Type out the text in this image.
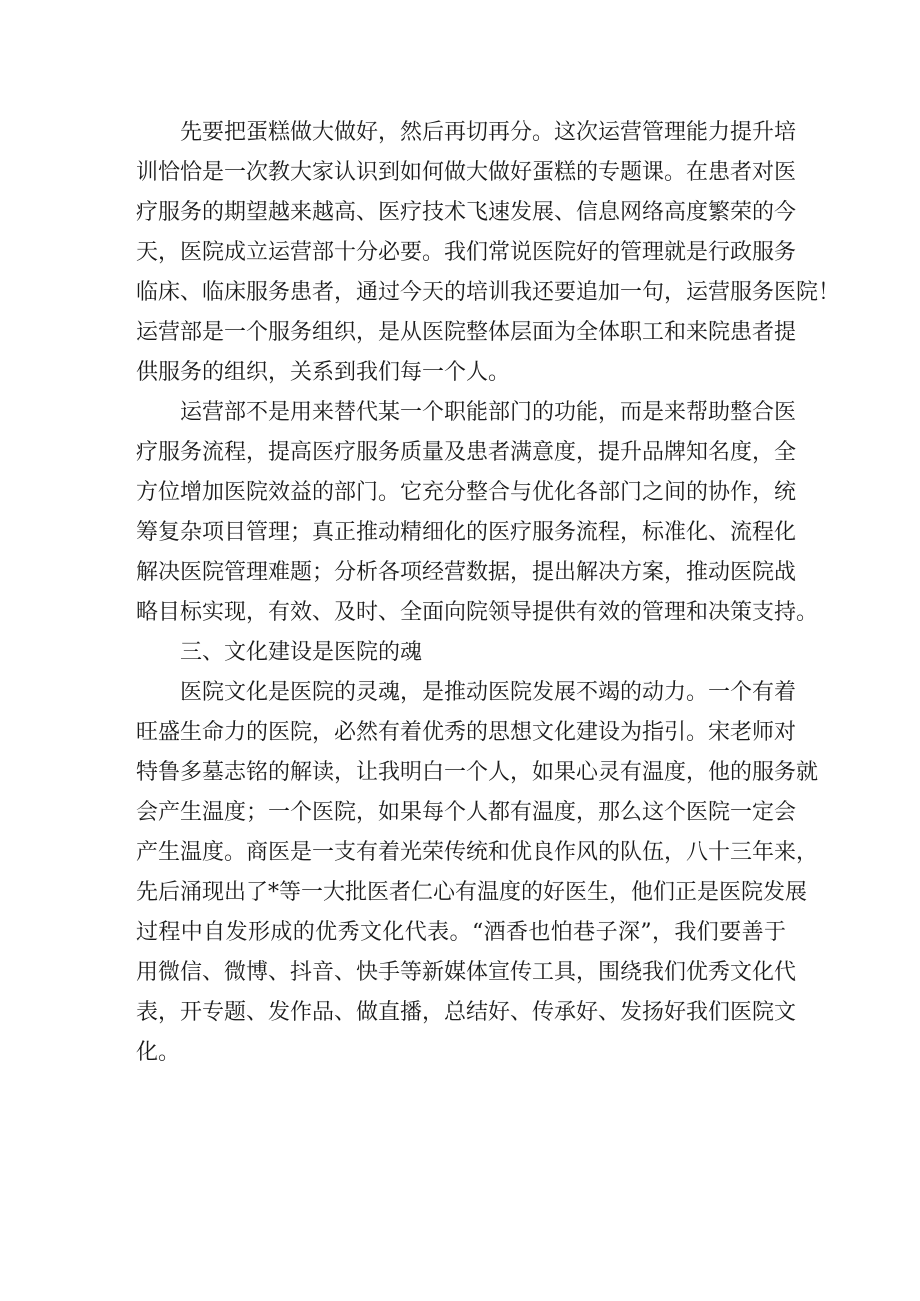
先要把蛋糕做大做好，然后再切再分。这次运营管理能力提升培
训恰恰是一次教大家认识到如何做大做好蛋糕的专题课。在患者对医
疗服务的期望越来越高、医疗技术飞速发展、信息网络高度繁荣的今
天，医院成立运营部十分必要。我们常说医院好的管理就是行政服务
临床、临床服务患者，通过今天的培训我还要追加一句，运营服务医院！
运营部是一个服务组织，是从医院整体层面为全体职工和来院患者提
供服务的组织，关系到我们每一个人。
运营部不是用来替代某一个职能部门的功能，而是来帮助整合医
疗服务流程，提高医疗服务质量及患者满意度，提升品牌知名度，全
方位增加医院效益的部门。它充分整合与优化各部门之间的协作，统
筹复杂项目管理；真正推动精细化的医疗服务流程，标准化、流程化
解决医院管理难题；分析各项经营数据，提出解决方案，推动医院战
略目标实现，有效、及时、全面向院领导提供有效的管理和决策支持。
三、文化建设是医院的魂
医院文化是医院的灵魂，是推动医院发展不竭的动力。一个有着
旺盛生命力的医院，必然有着优秀的思想文化建设为指引。宋老师对
特鲁多墓志铭的解读，让我明白一个人，如果心灵有温度，他的服务就
会产生温度；一个医院，如果每个人都有温度，那么这个医院一定会
产生温度。商医是一支有着光荣传统和优良作风的队伍，八十三年来，
先后涌现出了*等一大批医者仁心有温度的好医生，他们正是医院发展
过程中自发形成的优秀文化代表。“酒香也怕巷子深”，我们要善于
用微信、微博、抖音、快手等新媒体宣传工具，围绕我们优秀文化代
表，开专题、发作品、做直播，总结好、传承好、发扬好我们医院文
化。
